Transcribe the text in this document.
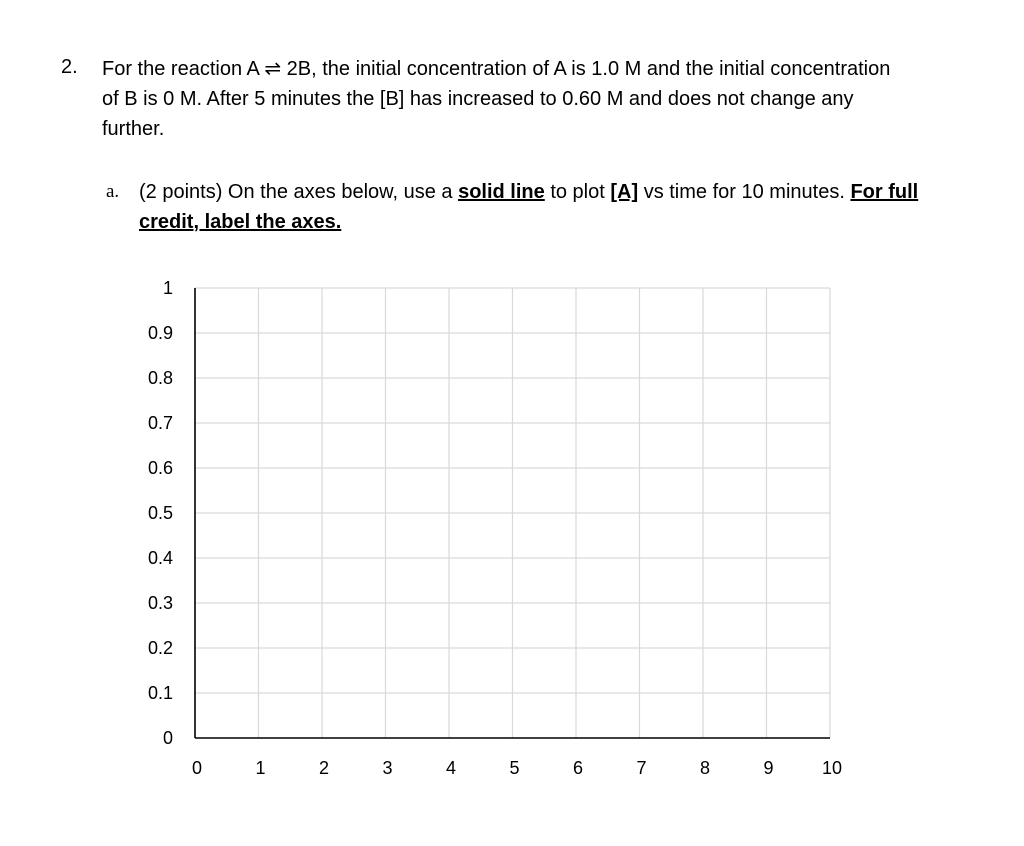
2. For the reaction A ⇌ 2B, the initial concentration of A is 1.0 M and the initial concentration

of B is 0 M. After 5 minutes the [B] has increased to 0.60 M and does not change any

further.

a. (2 points) On the axes below, use a solid line to plot [A] vs time for 10 minutes. For full

credit, label the axes.

0	1	2	3	4	5	6	7	8	9	10
0
0.1
0.2
0.3
0.4
0.5
0.6
0.7
0.8
0.9
1
